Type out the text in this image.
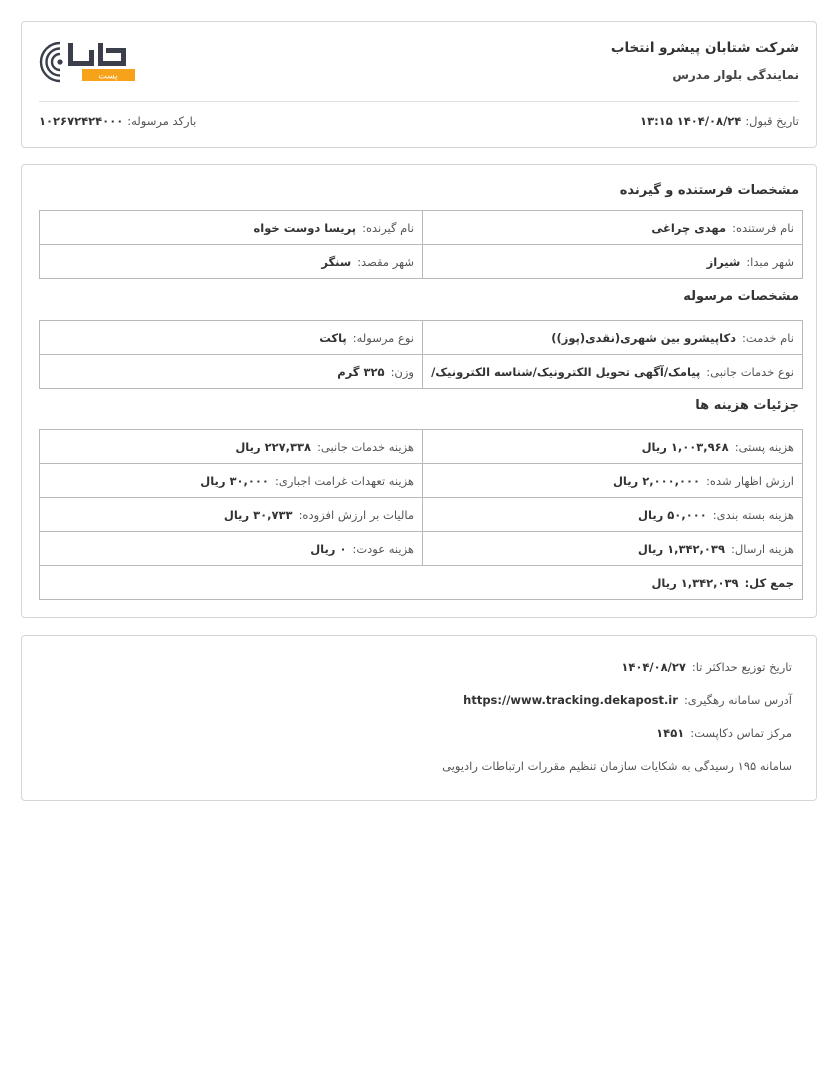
شرکت شتابان پیشرو انتخاب
نمایندگی بلوار مدرس
پست
تاریخ قبول:۱۴۰۴/۰۸/۲۴ ۱۳:۱۵
بارکد مرسوله:۱۰۲۶۷۲۴۲۴۰۰۰
مشخصات فرستنده و گیرنده
نام فرستنده:مهدی چراغی	نام گیرنده:پریسا دوست خواه
شهر مبدا:شیراز	شهر مقصد:سنگر
مشخصات مرسوله
نام خدمت:دکاپیشرو بین شهری(نقدی(پوز))	نوع مرسوله:پاکت
نوع خدمات جانبی:پیامک/آگهی تحویل الکترونیک/شناسه الکترونیک/	وزن:۳۲۵ گرم
جزئیات هزینه ها
هزینه پستی:۱,۰۰۳,۹۶۸ ریال	هزینه خدمات جانبی:۲۲۷,۳۳۸ ریال
ارزش اظهار شده:۲,۰۰۰,۰۰۰ ریال	هزینه تعهدات غرامت اجباری:۳۰,۰۰۰ ریال
هزینه بسته بندی:۵۰,۰۰۰ ریال	مالیات بر ارزش افزوده:۳۰,۷۳۳ ریال
هزینه ارسال:۱,۳۴۲,۰۳۹ ریال	هزینه عودت:۰ ریال
جمع کل:۱,۳۴۲,۰۳۹ ریال	
تاریخ توزیع حداکثر تا:۱۴۰۴/۰۸/۲۷
آدرس سامانه رهگیری:https://www.tracking.dekapost.ir
مرکز تماس دکاپست:۱۴۵۱
سامانه ۱۹۵ رسیدگی به شکایات سازمان تنظیم مقررات ارتباطات رادیویی
